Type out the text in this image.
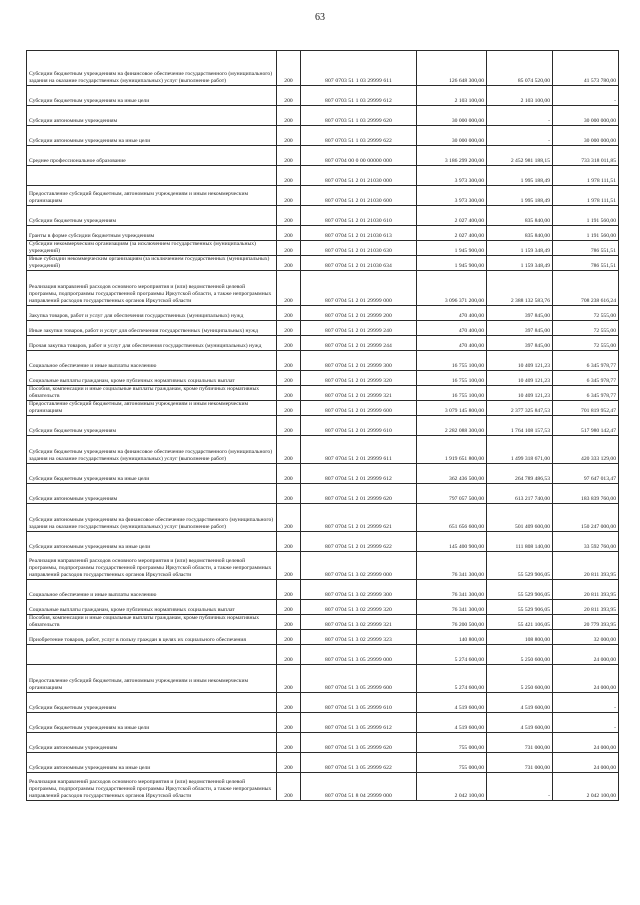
63
Субсидии бюджетным учреждениям на финансовое обеспечение государственного (муниципального) задания на оказание государственных (муниципальных) услуг (выполнение работ)	200	807 0703 51 1 03 29999 611	126 648 300,00	85 074 520,00	41 573 780,00
Субсидии бюджетным учреждениям на иные цели	200	807 0703 51 1 03 29999 612	2 103 100,00	2 103 100,00	-
Субсидии автономным учреждениям	200	807 0703 51 1 03 29999 620	30 000 000,00	-	30 000 000,00
Субсидии автономным учреждениям на иные цели	200	807 0703 51 1 03 29999 622	30 000 000,00	-	30 000 000,00
Среднее профессиональное образование	200	807 0704 00 0 00 00000 000	3 186 299 200,00	2 452 981 188,15	733 318 011,85
	200	807 0704 51 2 01 21030 000	3 973 300,00	1 995 188,49	1 978 111,51
Предоставление субсидий бюджетным, автономным учреждениям и иным некоммерческим организациям	200	807 0704 51 2 01 21030 600	3 973 300,00	1 995 188,49	1 978 111,51
Субсидии бюджетным учреждениям	200	807 0704 51 2 01 21030 610	2 027 400,00	835 840,00	1 191 560,00
Гранты в форме субсидии бюджетным учреждениям	200	807 0704 51 2 01 21030 613	2 027 400,00	835 840,00	1 191 560,00
Субсидии некоммерческим организациям (за исключением государственных (муниципальных) учреждений)	200	807 0704 51 2 01 21030 630	1 945 900,00	1 159 348,49	786 551,51
Иные субсидии некоммерческим организациям (за исключением государственных (муниципальных) учреждений)	200	807 0704 51 2 01 21030 634	1 945 900,00	1 159 348,49	786 551,51
Реализация направлений расходов основного мероприятия и (или) ведомственной целевой программы, подпрограммы государственной программы Иркутской области, а также непрограммных направлений расходов государственных органов Иркутской области	200	807 0704 51 2 01 29999 000	3 096 371 200,00	2 388 132 583,76	708 238 616,24
Закупка товаров, работ и услуг для обеспечения государственных (муниципальных) нужд	200	807 0704 51 2 01 29999 200	470 400,00	397 845,00	72 555,00
Иные закупки товаров, работ и услуг для обеспечения государственных (муниципальных) нужд	200	807 0704 51 2 01 29999 240	470 400,00	397 845,00	72 555,00
Прочая закупка товаров, работ и услуг для обеспечения государственных (муниципальных) нужд	200	807 0704 51 2 01 29999 244	470 400,00	397 845,00	72 555,00
Социальное обеспечение и иные выплаты населению	200	807 0704 51 2 01 29999 300	16 755 100,00	10 409 121,23	6 345 978,77
Социальные выплаты гражданам, кроме публичных нормативных социальных выплат	200	807 0704 51 2 01 29999 320	16 755 100,00	10 409 121,23	6 345 978,77
Пособия, компенсации и иные социальные выплаты гражданам, кроме публичных нормативных обязательств	200	807 0704 51 2 01 29999 321	16 755 100,00	10 409 121,23	6 345 978,77
Предоставление субсидий бюджетным, автономным учреждениям и иным некоммерческим организациям	200	807 0704 51 2 01 29999 600	3 079 145 800,00	2 377 325 847,53	701 819 952,47
Субсидии бюджетным учреждениям	200	807 0704 51 2 01 29999 610	2 282 088 300,00	1 764 108 157,53	517 980 142,47
Субсидии бюджетным учреждениям на финансовое обеспечение государственного (муниципального) задания на оказание государственных (муниципальных) услуг (выполнение работ)	200	807 0704 51 2 01 29999 611	1 919 651 800,00	1 499 318 671,00	420 333 129,00
Субсидии бюджетным учреждениям на иные цели	200	807 0704 51 2 01 29999 612	362 436 500,00	264 789 486,53	97 647 013,47
Субсидии автономным учреждениям	200	807 0704 51 2 01 29999 620	797 057 500,00	613 217 740,00	183 839 760,00
Субсидии автономным учреждениям на финансовое обеспечение государственного (муниципального) задания на оказание государственных (муниципальных) услуг (выполнение работ)	200	807 0704 51 2 01 29999 621	651 656 600,00	501 409 600,00	150 247 000,00
Субсидии автономным учреждениям на иные цели	200	807 0704 51 2 01 29999 622	145 400 900,00	111 808 140,00	33 592 760,00
Реализация направлений расходов основного мероприятия и (или) ведомственной целевой программы, подпрограммы государственной программы Иркутской области, а также непрограммных направлений расходов государственных органов Иркутской области	200	807 0704 51 3 02 29999 000	76 341 300,00	55 529 906,05	20 811 393,95
Социальное обеспечение и иные выплаты населению	200	807 0704 51 3 02 29999 300	76 341 300,00	55 529 906,05	20 811 393,95
Социальные выплаты гражданам, кроме публичных нормативных социальных выплат	200	807 0704 51 3 02 29999 320	76 341 300,00	55 529 906,05	20 811 393,95
Пособия, компенсации и иные социальные выплаты гражданам, кроме публичных нормативных обязательств	200	807 0704 51 3 02 29999 321	76 200 500,00	55 421 106,05	20 779 393,95
Приобретение товаров, работ, услуг в пользу граждан в целях их социального обеспечения	200	807 0704 51 3 02 29999 323	140 800,00	108 800,00	32 000,00
	200	807 0704 51 3 05 29999 000	5 274 600,00	5 250 600,00	24 000,00
Предоставление субсидий бюджетным, автономным учреждениям и иным некоммерческим организациям	200	807 0704 51 3 05 29999 600	5 274 600,00	5 250 600,00	24 000,00
Субсидии бюджетным учреждениям	200	807 0704 51 3 05 29999 610	4 519 600,00	4 519 600,00	-
Субсидии бюджетным учреждениям на иные цели	200	807 0704 51 3 05 29999 612	4 519 600,00	4 519 600,00	-
Субсидии автономным учреждениям	200	807 0704 51 3 05 29999 620	755 000,00	731 000,00	24 000,00
Субсидии автономным учреждениям на иные цели	200	807 0704 51 3 05 29999 622	755 000,00	731 000,00	24 000,00
Реализация направлений расходов основного мероприятия и (или) ведомственной целевой программы, подпрограммы государственной программы Иркутской области, а также непрограммных направлений расходов государственных органов Иркутской области	200	807 0704 51 8 04 29999 000	2 042 100,00	-	2 042 100,00
